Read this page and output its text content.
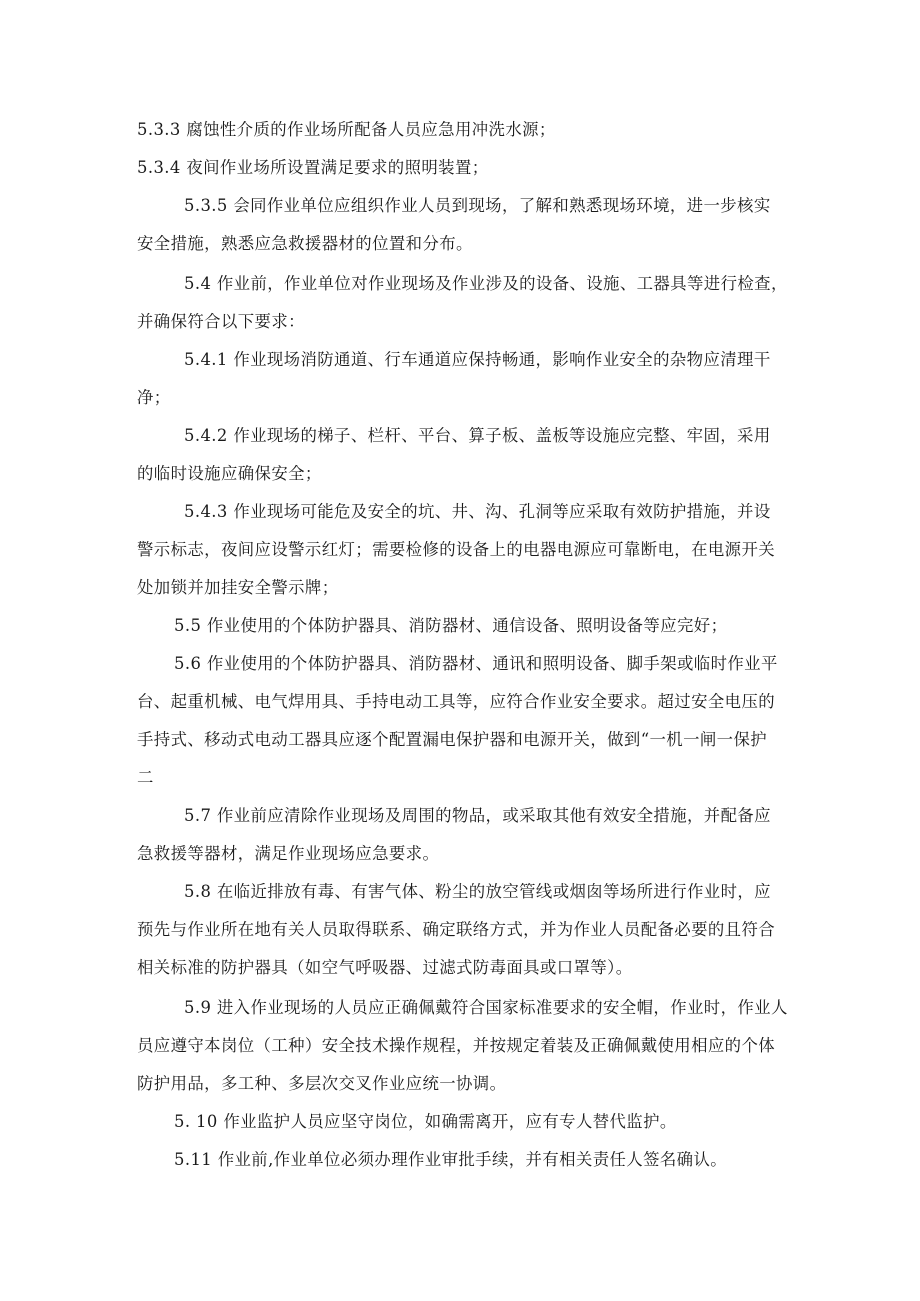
5.3.3 腐蚀性介质的作业场所配备人员应急用冲洗水源；
5.3.4 夜间作业场所设置满足要求的照明装置；
5.3.5 会同作业单位应组织作业人员到现场，了解和熟悉现场环境，进一步核实
安全措施，熟悉应急救援器材的位置和分布。
5.4 作业前，作业单位对作业现场及作业涉及的设备、设施、工器具等进行检查，
并确保符合以下要求：
5.4.1 作业现场消防通道、行车通道应保持畅通，影响作业安全的杂物应清理干
净；
5.4.2 作业现场的梯子、栏杆、平台、算子板、盖板等设施应完整、牢固，采用
的临时设施应确保安全；
5.4.3 作业现场可能危及安全的坑、井、沟、孔洞等应采取有效防护措施，并设
警示标志，夜间应设警示红灯；需要检修的设备上的电器电源应可靠断电，在电源开关
处加锁并加挂安全警示牌；
5.5 作业使用的个体防护器具、消防器材、通信设备、照明设备等应完好；
5.6 作业使用的个体防护器具、消防器材、通讯和照明设备、脚手架或临时作业平
台、起重机械、电气焊用具、手持电动工具等，应符合作业安全要求。超过安全电压的
手持式、移动式电动工器具应逐个配置漏电保护器和电源开关，做到“一机一闸一保护
二
5.7 作业前应清除作业现场及周围的物品，或采取其他有效安全措施，并配备应
急救援等器材，满足作业现场应急要求。
5.8 在临近排放有毒、有害气体、粉尘的放空管线或烟囱等场所进行作业时，应
预先与作业所在地有关人员取得联系、确定联络方式，并为作业人员配备必要的且符合
相关标准的防护器具（如空气呼吸器、过滤式防毒面具或口罩等）。
5.9 进入作业现场的人员应正确佩戴符合国家标准要求的安全帽，作业时，作业人
员应遵守本岗位（工种）安全技术操作规程，并按规定着装及正确佩戴使用相应的个体
防护用品，多工种、多层次交叉作业应统一协调。
5. 10 作业监护人员应坚守岗位，如确需离开，应有专人替代监护。
5.11 作业前,作业单位必须办理作业审批手续，并有相关责任人签名确认。
